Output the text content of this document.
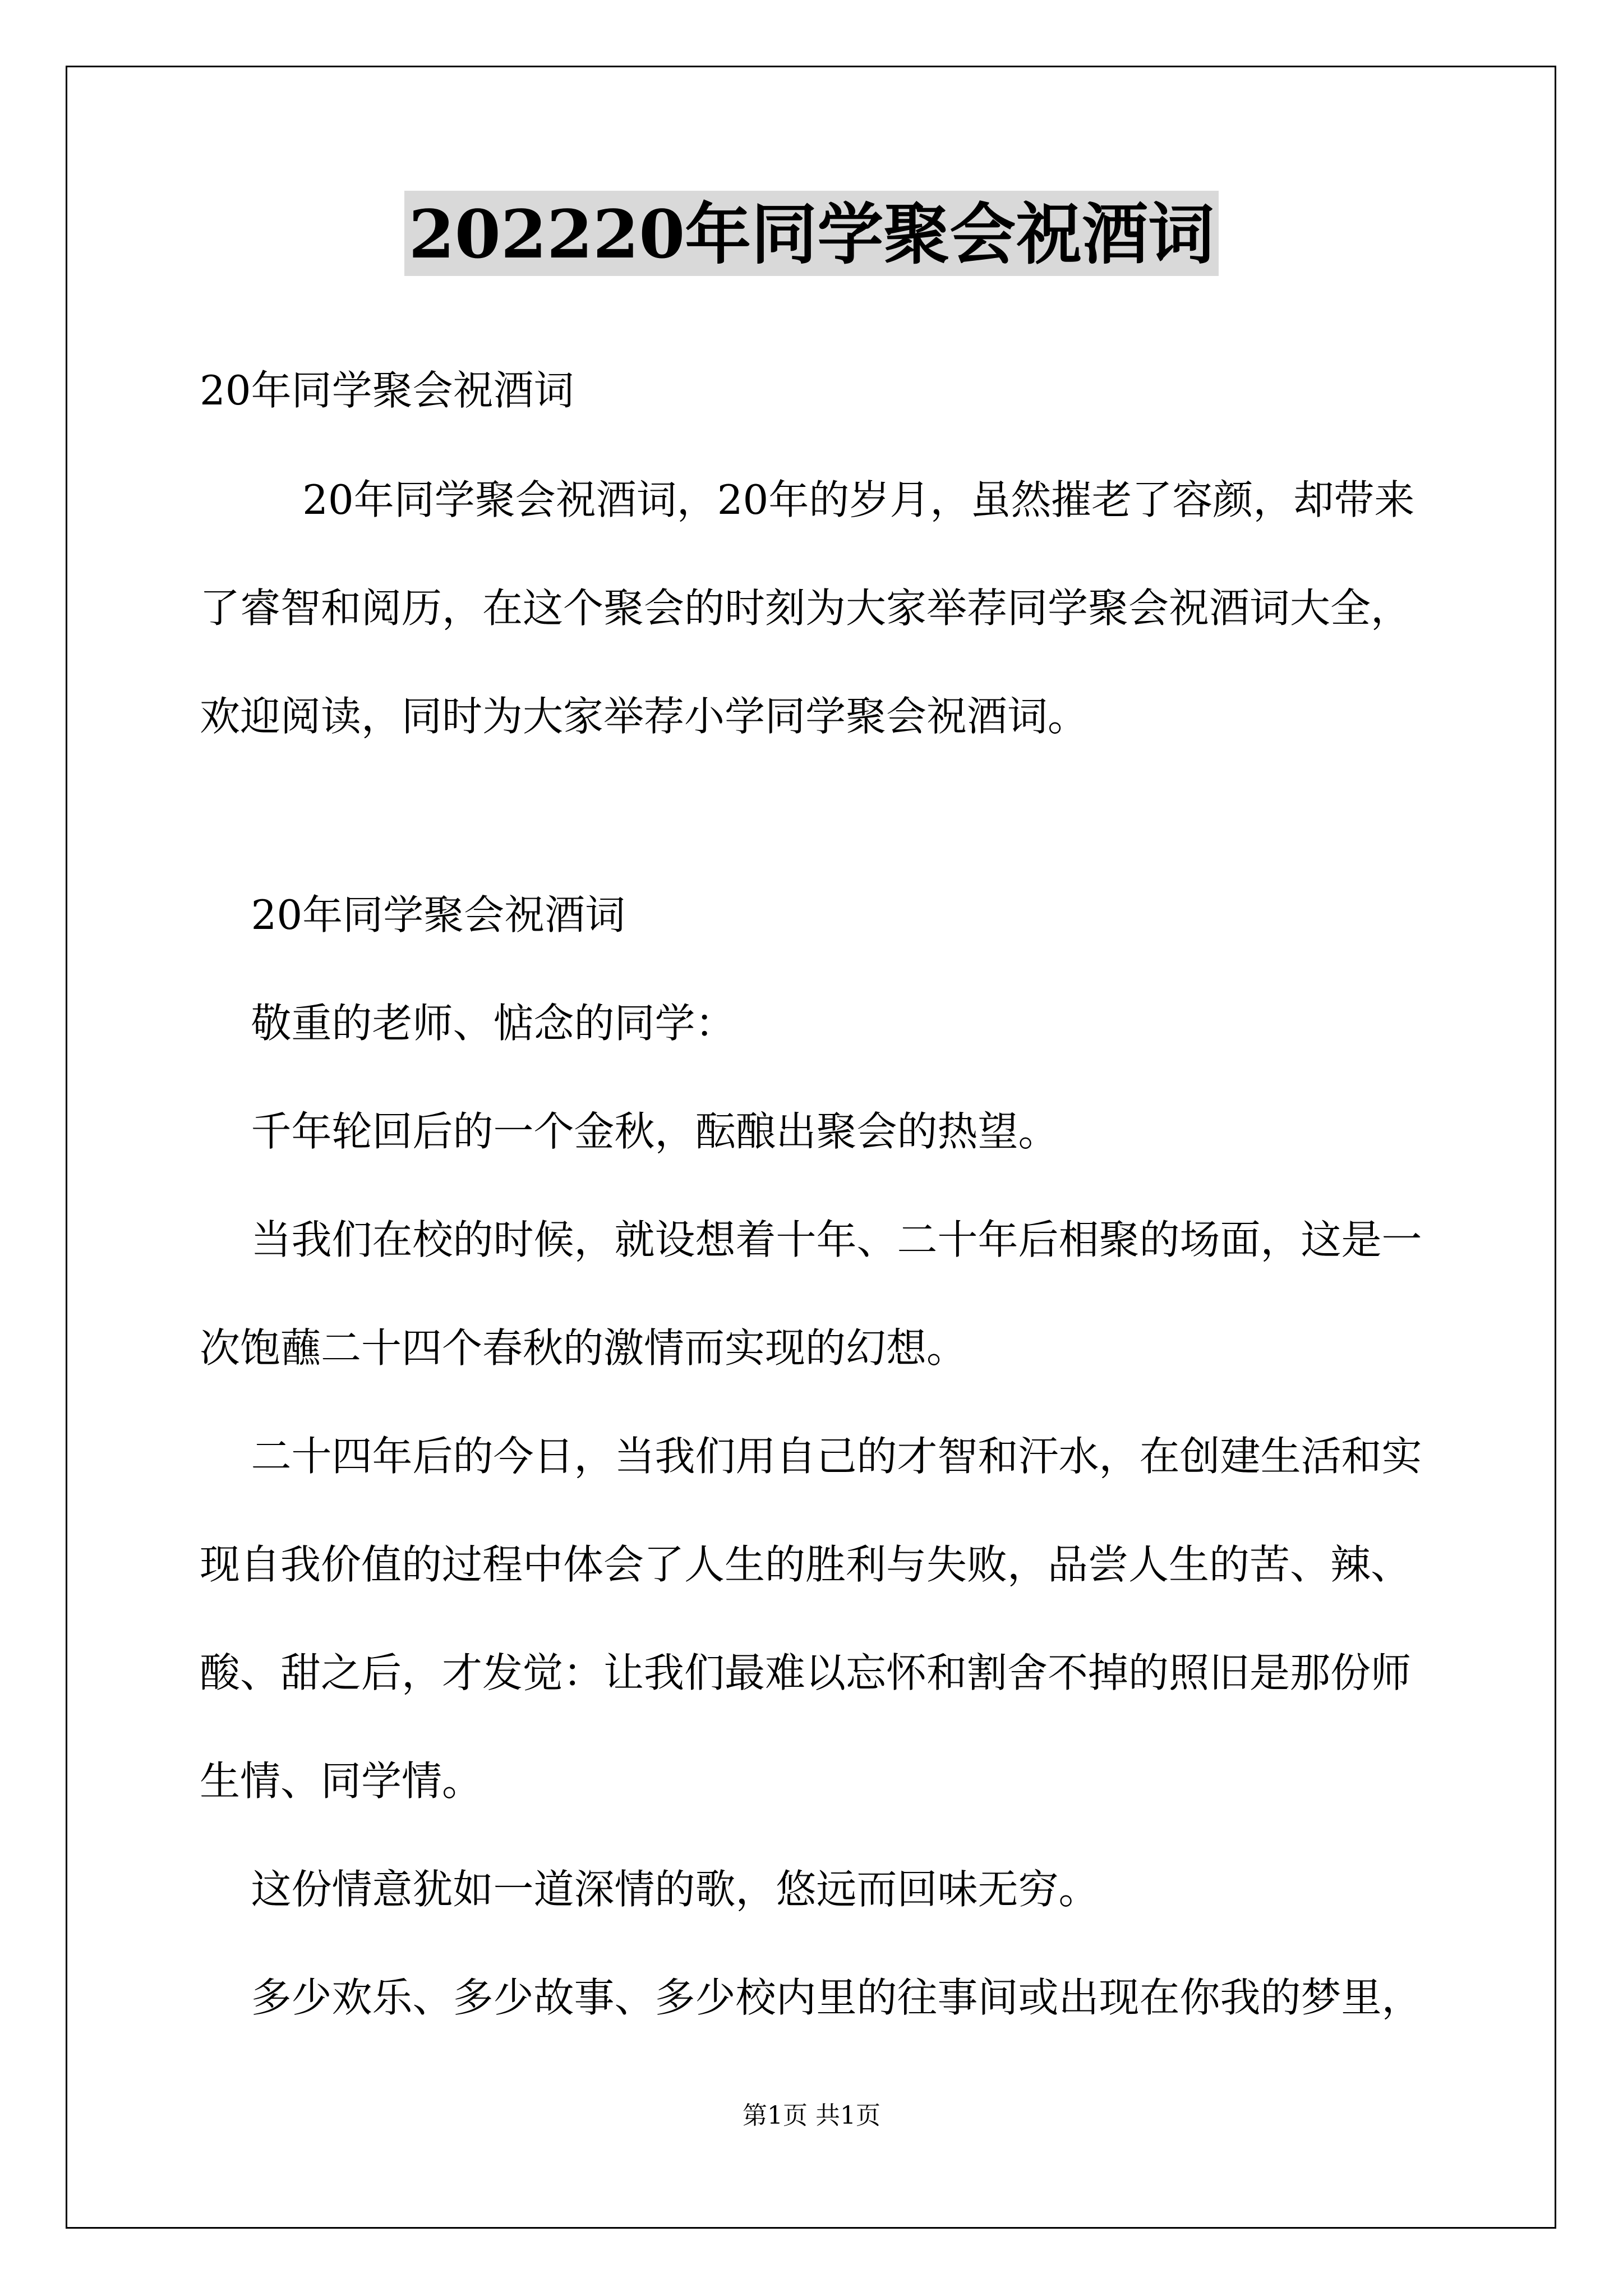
202220年同学聚会祝酒词

20年同学聚会祝酒词

20年同学聚会祝酒词，20年的岁月，虽然摧老了容颜，却带来了睿智和阅历，在这个聚会的时刻为大家举荐同学聚会祝酒词大全，欢迎阅读，同时为大家举荐小学同学聚会祝酒词。

20年同学聚会祝酒词

敬重的老师、惦念的同学：

千年轮回后的一个金秋，酝酿出聚会的热望。

当我们在校的时候，就设想着十年、二十年后相聚的场面，这是一次饱蘸二十四个春秋的激情而实现的幻想。

二十四年后的今日，当我们用自己的才智和汗水，在创建生活和实现自我价值的过程中体会了人生的胜利与失败，品尝人生的苦、辣、酸、甜之后，才发觉：让我们最难以忘怀和割舍不掉的照旧是那份师生情、同学情。

这份情意犹如一道深情的歌，悠远而回味无穷。

多少欢乐、多少故事、多少校内里的往事间或出现在你我的梦里，

第1页 共1页
